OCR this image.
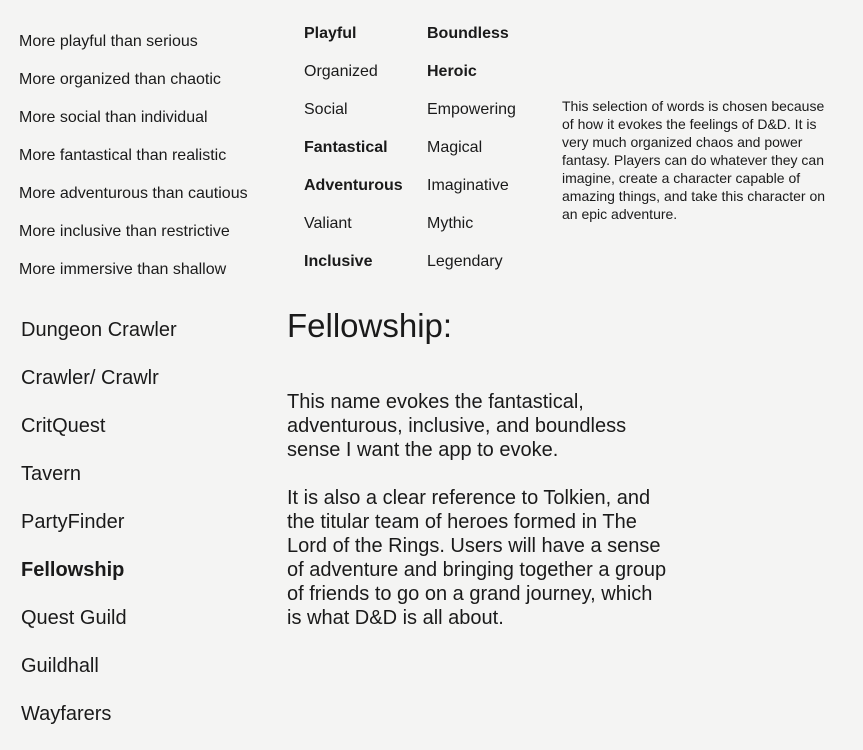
More playful than serious
More organized than chaotic
More social than individual
More fantastical than realistic
More adventurous than cautious
More inclusive than restrictive
More immersive than shallow
Playful
Organized
Social
Fantastical
Adventurous
Valiant
Inclusive
Boundless
Heroic
Empowering
Magical
Imaginative
Mythic
Legendary

This selection of words is chosen because of how it evokes the feelings of D&D. It is very much organized chaos and power fantasy. Players can do whatever they can imagine, create a character capable of amazing things, and take this character on an epic adventure.

Dungeon Crawler
Crawler/ Crawlr
CritQuest
Tavern
PartyFinder
Fellowship
Quest Guild
Guildhall
Wayfarers
Fellowship:

This name evokes the fantastical, adventurous, inclusive, and boundless sense I want the app to evoke.

It is also a clear reference to Tolkien, and the titular team of heroes formed in The Lord of the Rings. Users will have a sense of adventure and bringing together a group of friends to go on a grand journey, which is what D&D is all about.
